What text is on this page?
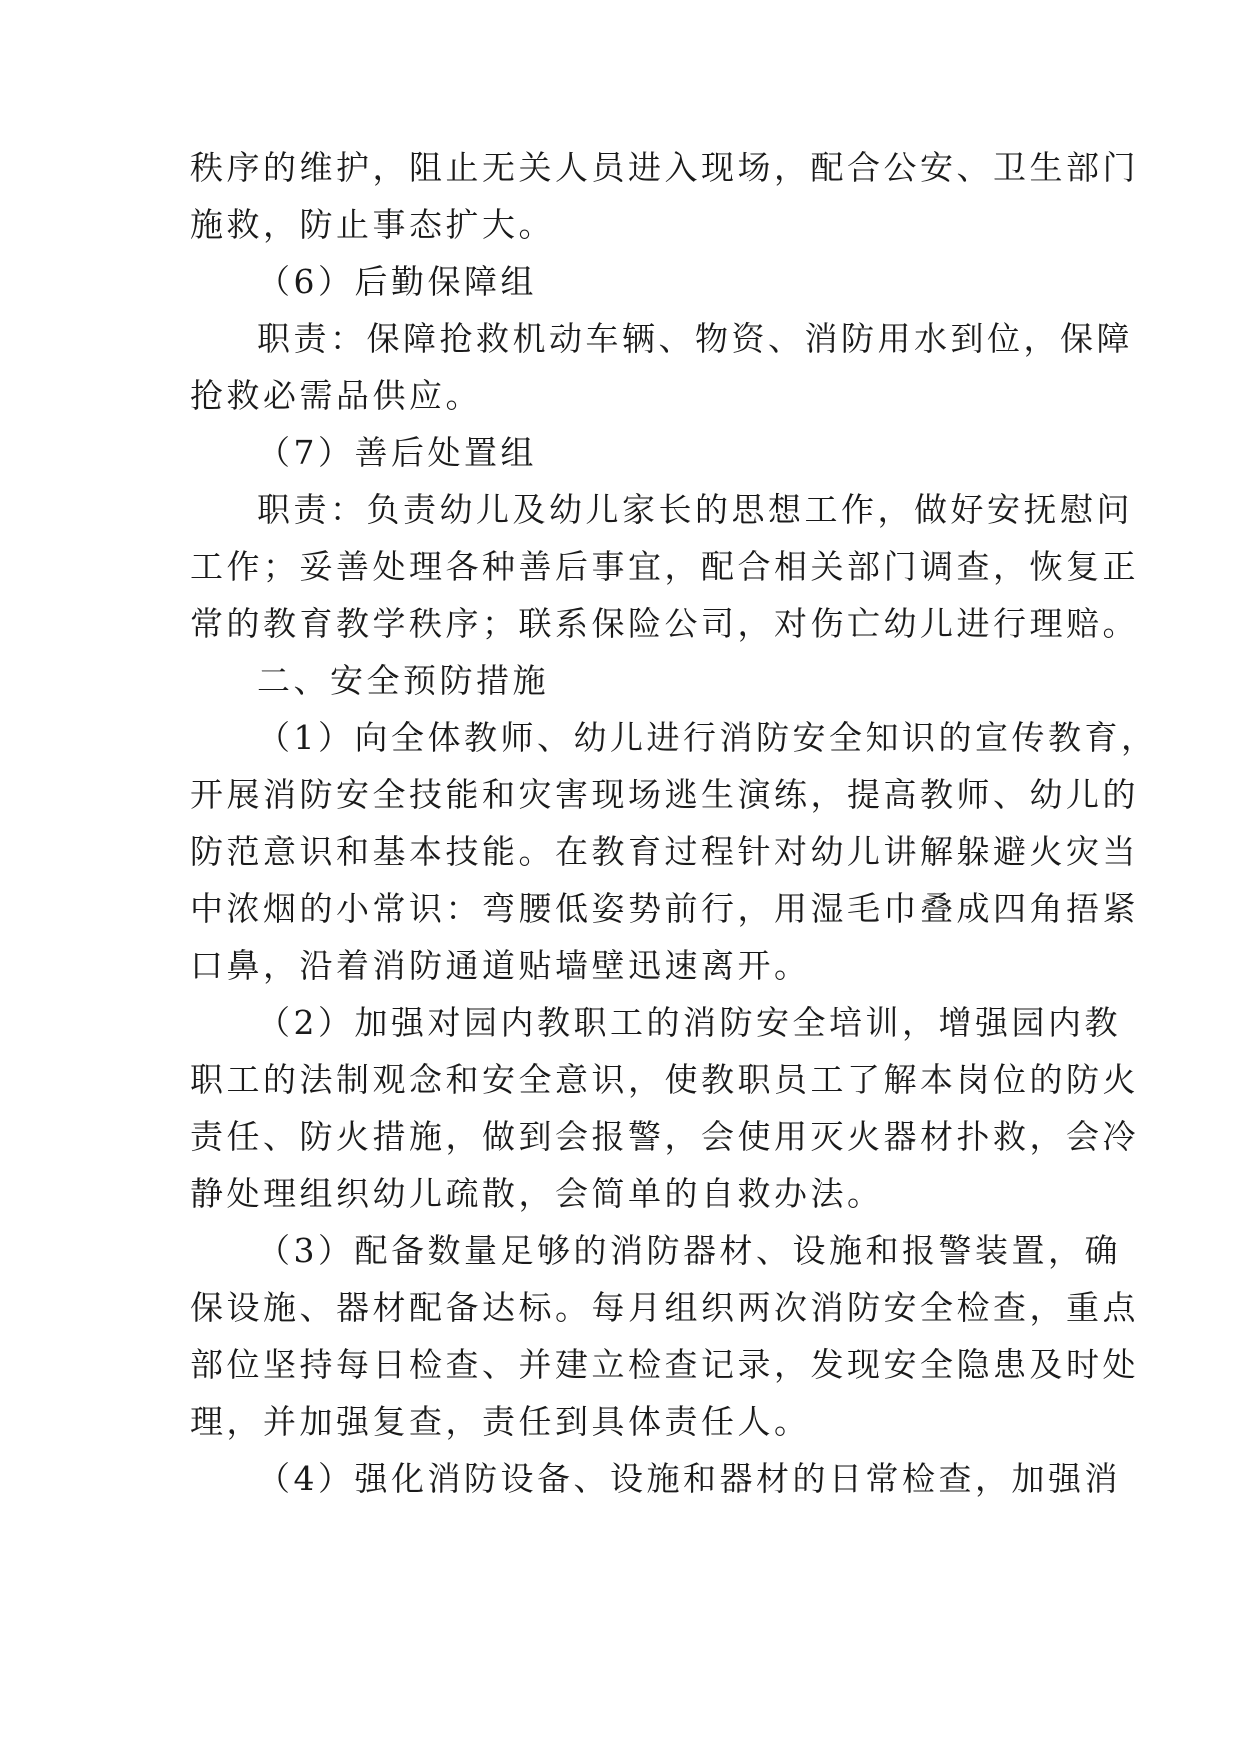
秩序的维护，阻止无关人员进入现场，配合公安、卫生部门
施救，防止事态扩大。
（6）后勤保障组
职责：保障抢救机动车辆、物资、消防用水到位，保障
抢救必需品供应。
（7）善后处置组
职责：负责幼儿及幼儿家长的思想工作，做好安抚慰问
工作；妥善处理各种善后事宜，配合相关部门调查，恢复正
常的教育教学秩序；联系保险公司，对伤亡幼儿进行理赔。
二、安全预防措施
（1）向全体教师、幼儿进行消防安全知识的宣传教育，
开展消防安全技能和灾害现场逃生演练，提高教师、幼儿的
防范意识和基本技能。在教育过程针对幼儿讲解躲避火灾当
中浓烟的小常识：弯腰低姿势前行，用湿毛巾叠成四角捂紧
口鼻，沿着消防通道贴墙壁迅速离开。
（2）加强对园内教职工的消防安全培训，增强园内教
职工的法制观念和安全意识，使教职员工了解本岗位的防火
责任、防火措施，做到会报警，会使用灭火器材扑救，会冷
静处理组织幼儿疏散，会简单的自救办法。
（3）配备数量足够的消防器材、设施和报警装置，确
保设施、器材配备达标。每月组织两次消防安全检查，重点
部位坚持每日检查、并建立检查记录，发现安全隐患及时处
理，并加强复查，责任到具体责任人。
（4）强化消防设备、设施和器材的日常检查，加强消
